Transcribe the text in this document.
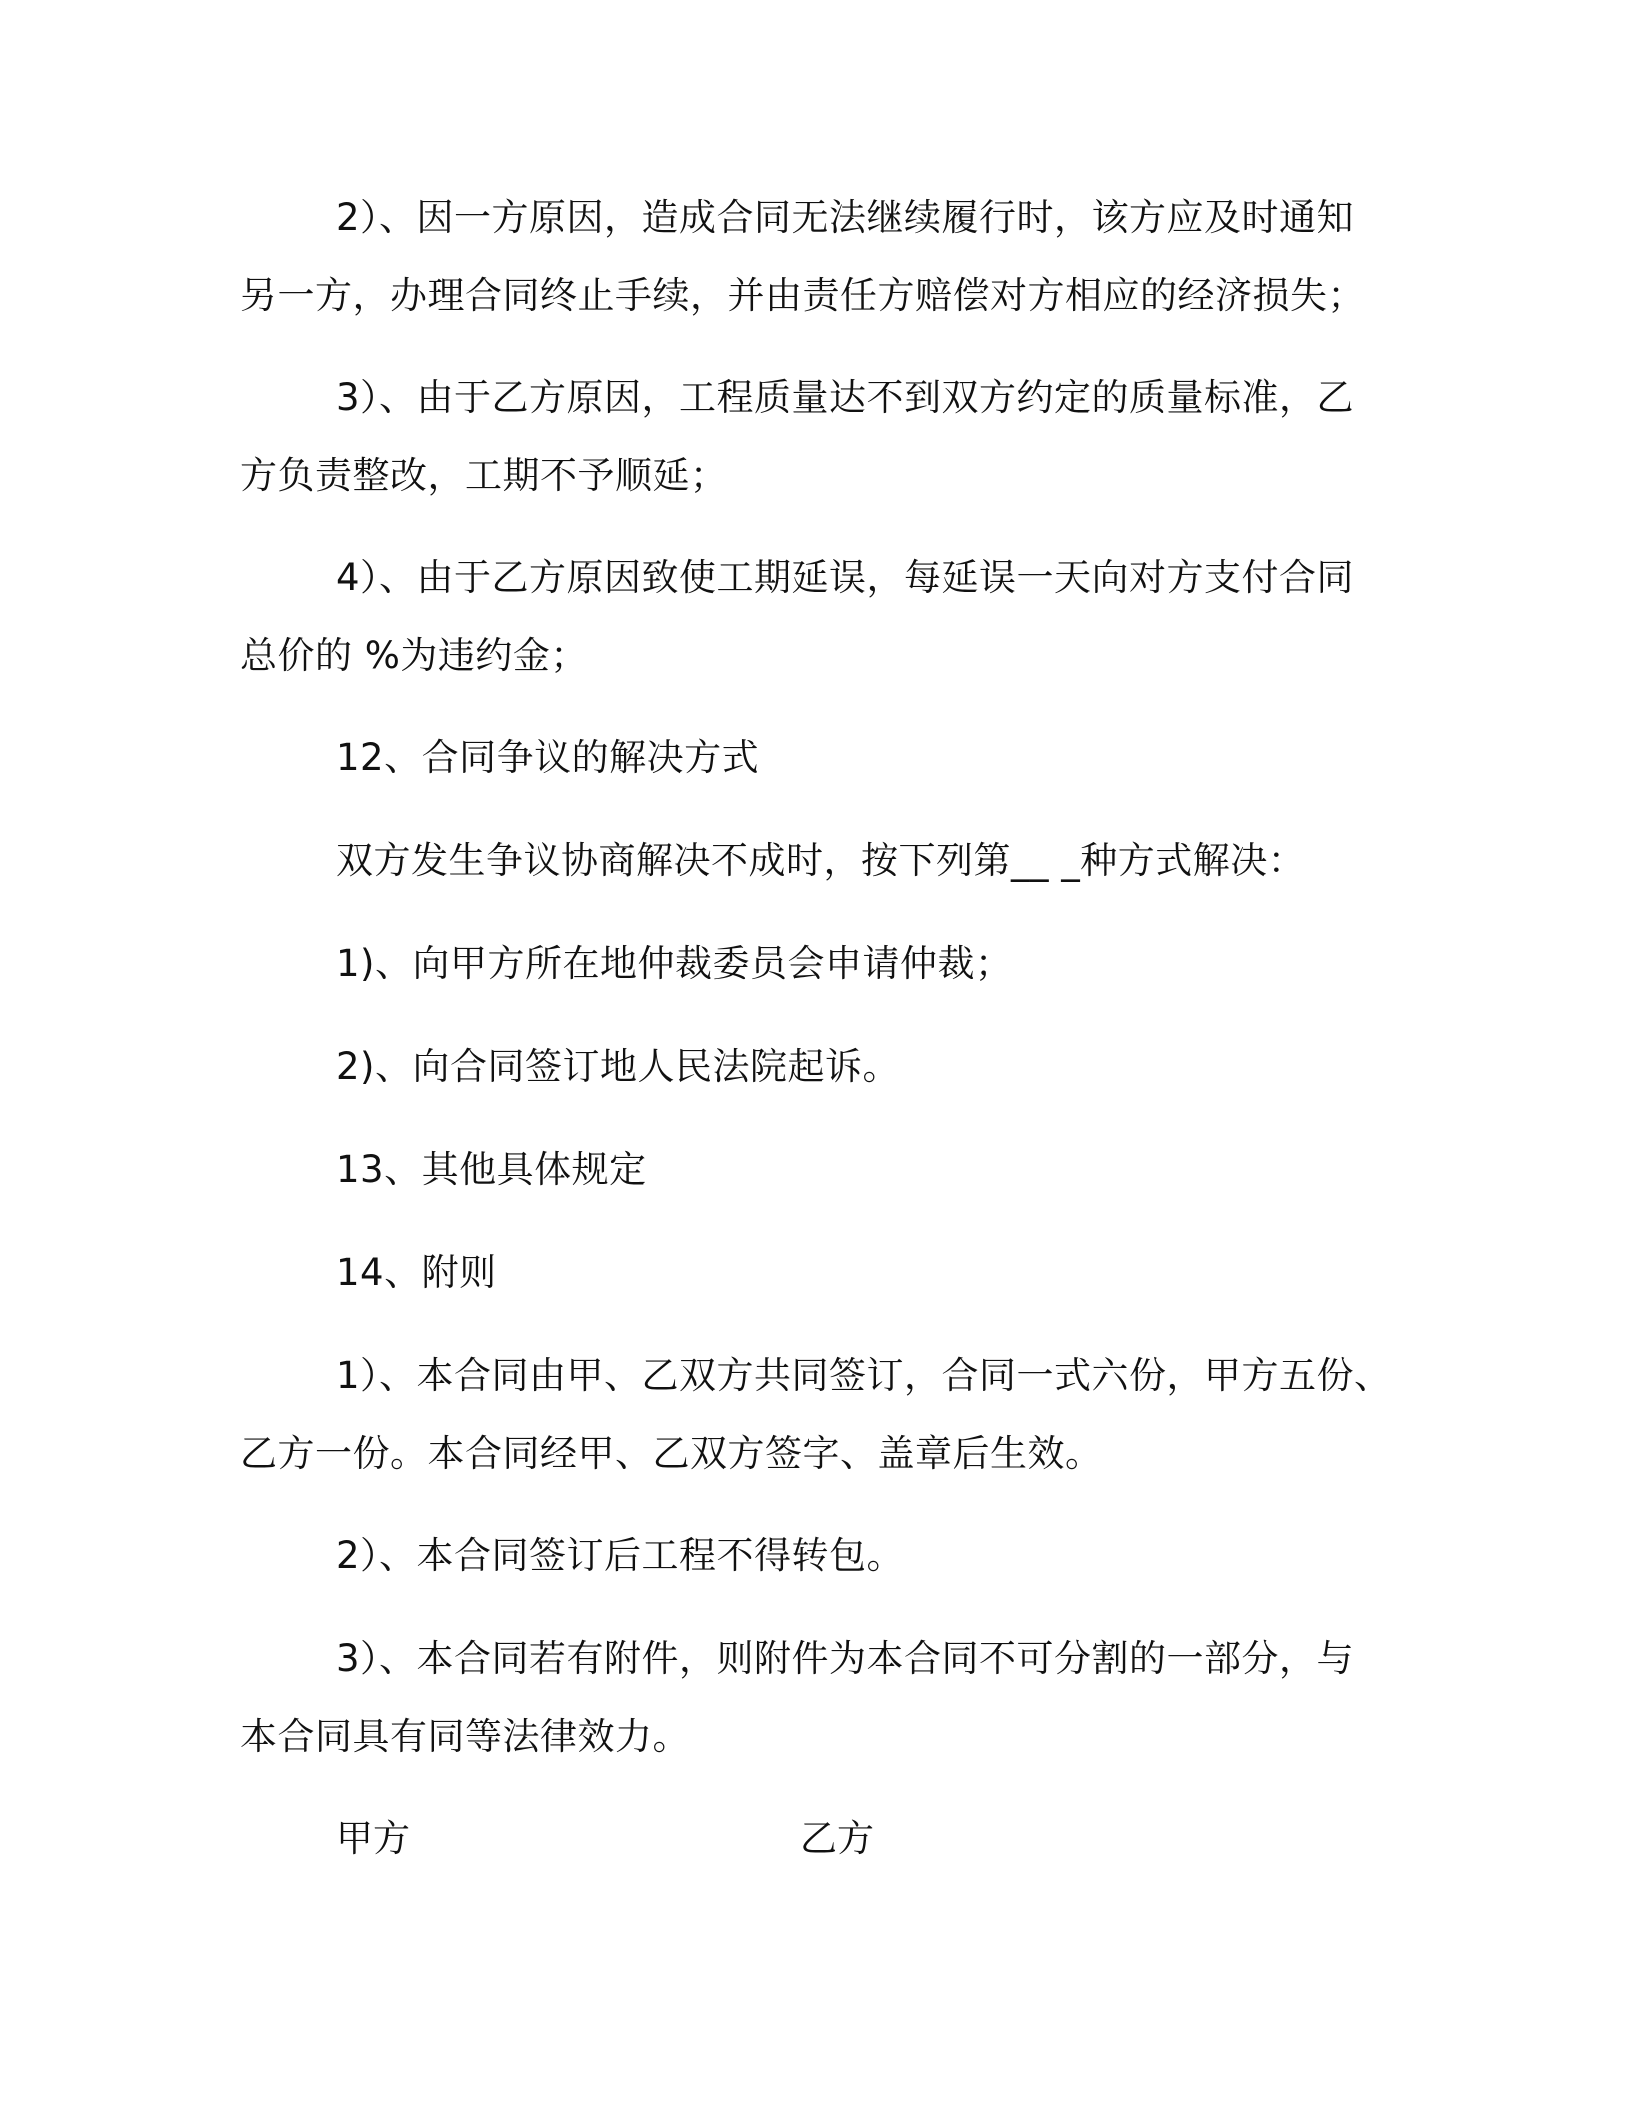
2）、因一方原因，造成合同无法继续履行时，该方应及时通知
另一方，办理合同终止手续，并由责任方赔偿对方相应的经济损失；
3）、由于乙方原因，工程质量达不到双方约定的质量标准，乙
方负责整改，工期不予顺延；
4）、由于乙方原因致使工期延误，每延误一天向对方支付合同
总价的 %为违约金；
12、合同争议的解决方式
双方发生争议协商解决不成时，按下列第__ _种方式解决：
1)、向甲方所在地仲裁委员会申请仲裁；
2)、向合同签订地人民法院起诉。
13、其他具体规定
14、附则
1）、本合同由甲、乙双方共同签订，合同一式六份，甲方五份、
乙方一份。本合同经甲、乙双方签字、盖章后生效。
2）、本合同签订后工程不得转包。
3）、本合同若有附件，则附件为本合同不可分割的一部分，与
本合同具有同等法律效力。
甲方	乙方
